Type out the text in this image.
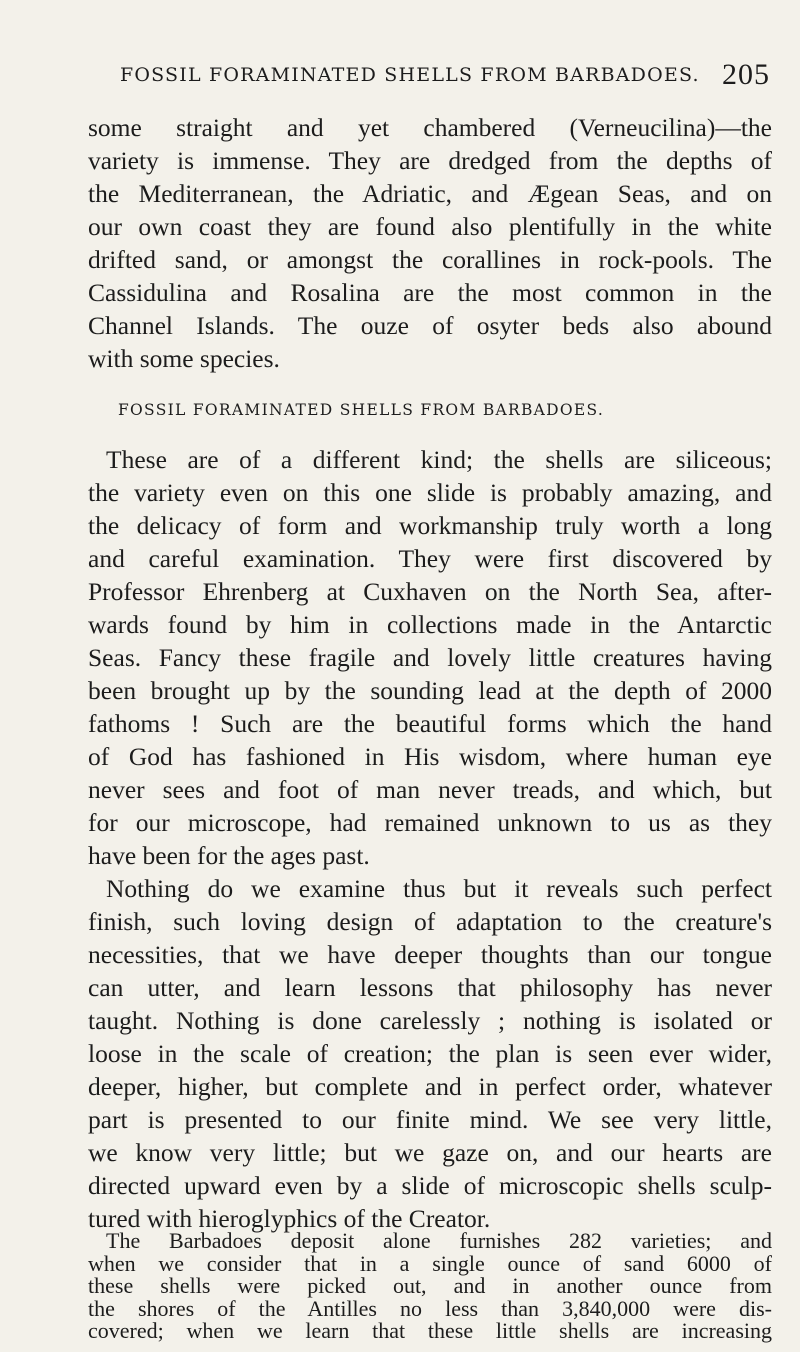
FOSSIL FORAMINATED SHELLS FROM BARBADOES. 205
some straight and yet chambered (Verneucilina)—the
variety is immense. They are dredged from the depths of
the Mediterranean, the Adriatic, and Ægean Seas, and on
our own coast they are found also plentifully in the white
drifted sand, or amongst the corallines in rock-pools. The
Cassidulina and Rosalina are the most common in the
Channel Islands. The ouze of osyter beds also abound
with some species.
FOSSIL FORAMINATED SHELLS FROM BARBADOES.
These are of a different kind; the shells are siliceous;
the variety even on this one slide is probably amazing, and
the delicacy of form and workmanship truly worth a long
and careful examination. They were first discovered by
Professor Ehrenberg at Cuxhaven on the North Sea, after-
wards found by him in collections made in the Antarctic
Seas. Fancy these fragile and lovely little creatures having
been brought up by the sounding lead at the depth of 2000
fathoms ! Such are the beautiful forms which the hand
of God has fashioned in His wisdom, where human eye
never sees and foot of man never treads, and which, but
for our microscope, had remained unknown to us as they
have been for the ages past.
Nothing do we examine thus but it reveals such perfect
finish, such loving design of adaptation to the creature's
necessities, that we have deeper thoughts than our tongue
can utter, and learn lessons that philosophy has never
taught. Nothing is done carelessly ; nothing is isolated or
loose in the scale of creation; the plan is seen ever wider,
deeper, higher, but complete and in perfect order, whatever
part is presented to our finite mind. We see very little,
we know very little; but we gaze on, and our hearts are
directed upward even by a slide of microscopic shells sculp-
tured with hieroglyphics of the Creator.
The Barbadoes deposit alone furnishes 282 varieties; and
when we consider that in a single ounce of sand 6000 of
these shells were picked out, and in another ounce from
the shores of the Antilles no less than 3,840,000 were dis-
covered; when we learn that these little shells are increasing
